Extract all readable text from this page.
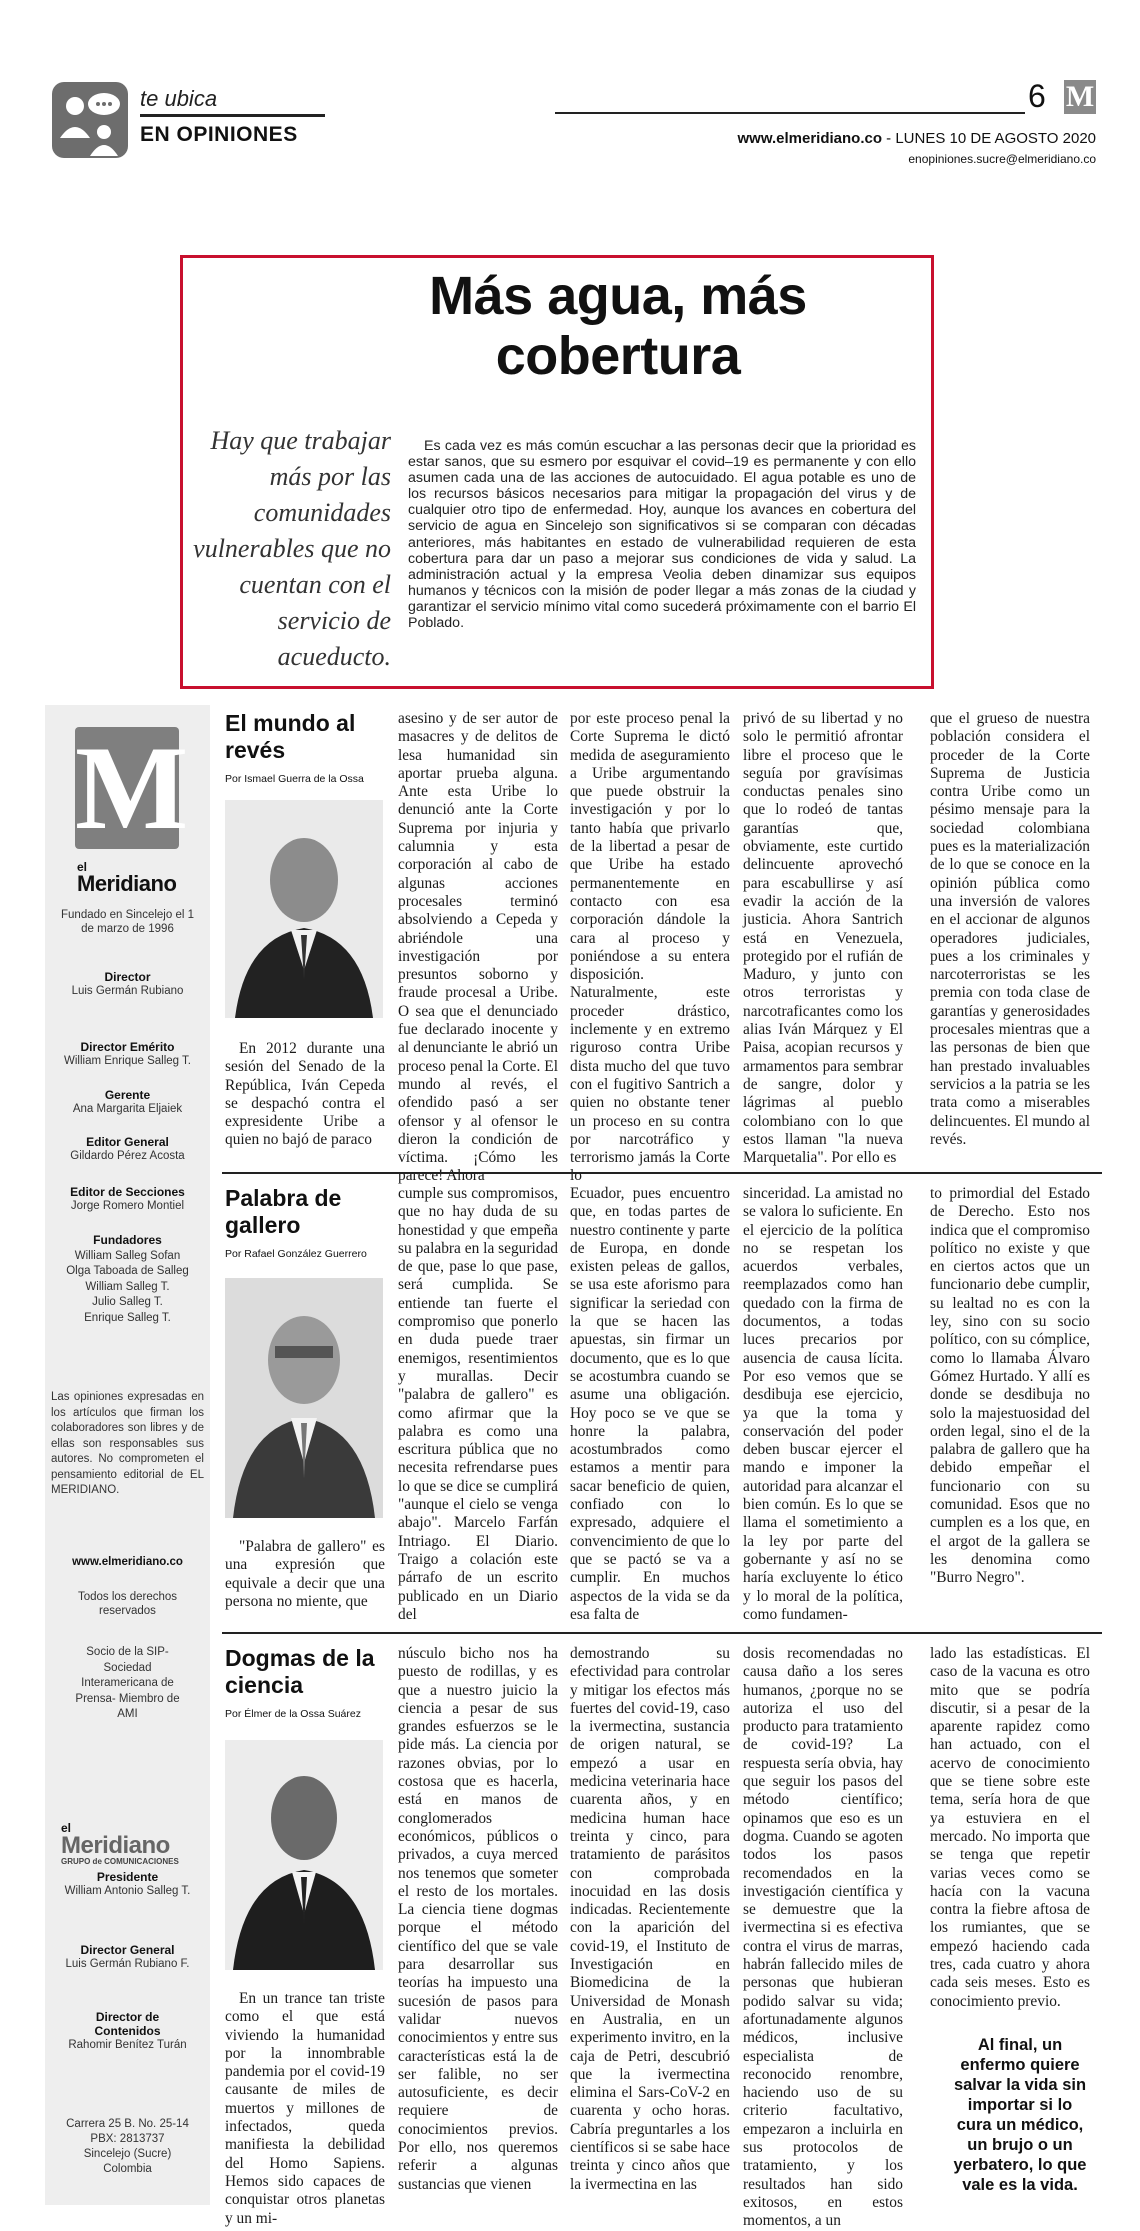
te ubica
EN OPINIONES
6 M
www.elmeridiano.co - LUNES 10 DE AGOSTO 2020
enopiniones.sucre@elmeridiano.co
Más agua, más
cobertura
Hay que trabajar más por las comunidades vulnerables que no cuentan con el servicio de acueducto.
Es cada vez es más común escuchar a las personas decir que la prioridad es estar sanos, que su esmero por esquivar el covid–19 es permanente y con ello asumen cada una de las acciones de autocuidado. El agua potable es uno de los recursos básicos necesarios para mitigar la propagación del virus y de cualquier otro tipo de enfermedad. Hoy, aunque los avances en cobertura del servicio de agua en Sincelejo son significativos si se comparan con décadas anteriores, más habitantes en estado de vulnerabilidad requieren de esta cobertura para dar un paso a mejorar sus condiciones de vida y salud. La administración actual y la empresa Veolia deben dinamizar sus equipos humanos y técnicos con la misión de poder llegar a más zonas de la ciudad y garantizar el servicio mínimo vital como sucederá próximamente con el barrio El Poblado.
M
el
Meridiano
Fundado en Sincelejo el 1 de marzo de 1996
Director
Luis Germán Rubiano
Director Emérito
William Enrique Salleg T.
Gerente
Ana Margarita Eljaiek
Editor General
Gildardo Pérez Acosta
Editor de Secciones
Jorge Romero Montiel
Fundadores
William Salleg Sofan
Olga Taboada de Salleg
William Salleg T.
Julio Salleg T.
Enrique Salleg T.
Las opiniones expresadas en los artículos que firman los colaboradores son libres y de ellas son responsables sus autores. No comprometen el pensamiento editorial de EL MERIDIANO.
www.elmeridiano.co
Todos los derechos reservados
Socio de la SIP- Sociedad Interamericana de Prensa- Miembro de AMI
el
Meridiano
GRUPO de COMUNICACIONES
Presidente
William Antonio Salleg T.
Director General
Luis Germán Rubiano F.
Director de Contenidos
Rahomir Benítez Turán
Carrera 25 B. No. 25-14
PBX: 2813737
Sincelejo (Sucre)
Colombia
El mundo al revés
Por Ismael Guerra de la Ossa

En 2012 durante una sesión del Senado de la República, Iván Cepeda se despachó contra el expresidente Uribe a quien no bajó de paraco

asesino y de ser autor de masacres y de delitos de lesa humanidad sin aportar prueba alguna. Ante esta Uribe lo denunció ante la Corte Suprema por injuria y calumnia y esta corporación al cabo de algunas acciones procesales terminó absolviendo a Cepeda y abriéndole una investigación por presuntos soborno y fraude procesal a Uribe. O sea que el denunciado fue declarado inocente y al denunciante le abrió un proceso penal la Corte. El mundo al revés, el ofendido pasó a ser ofensor y al ofensor le dieron la condición de víctima. ¡Cómo les parece! Ahora

por este proceso penal la Corte Suprema le dictó medida de aseguramiento a Uribe argumentando que puede obstruir la investigación y por lo tanto había que privarlo de la libertad a pesar de que Uribe ha estado permanentemente en contacto con esa corporación dándole la cara al proceso y poniéndose a su entera disposición. Naturalmente, este proceder drástico, inclemente y en extremo riguroso contra Uribe dista mucho del que tuvo con el fugitivo Santrich a quien no obstante tener un proceso en su contra por narcotráfico y terrorismo jamás la Corte lo

privó de su libertad y no solo le permitió afrontar libre el proceso que le seguía por gravísimas conductas penales sino que lo rodeó de tantas garantías que, obviamente, este curtido delincuente aprovechó para escabullirse y así evadir la acción de la justicia. Ahora Santrich está en Venezuela, protegido por el rufián de Maduro, y junto con otros terroristas y narcotraficantes como los alias Iván Márquez y El Paisa, acopian recursos y armamentos para sembrar de sangre, dolor y lágrimas al pueblo colombiano con lo que estos llaman "la nueva Marquetalia". Por ello es

que el grueso de nuestra población considera el proceder de la Corte Suprema de Justicia contra Uribe como un pésimo mensaje para la sociedad colombiana pues es la materialización de lo que se conoce en la opinión pública como una inversión de valores en el accionar de algunos operadores judiciales, pues a los criminales y narcoterroristas se les premia con toda clase de garantías y generosidades procesales mientras que a las personas de bien que han prestado invaluables servicios a la patria se les trata como a miserables delincuentes. El mundo al revés.

Palabra de gallero
Por Rafael González Guerrero

"Palabra de gallero" es una expresión que equivale a decir que una persona no miente, que

cumple sus compromisos, que no hay duda de su honestidad y que empeña su palabra en la seguridad de que, pase lo que pase, será cumplida. Se entiende tan fuerte el compromiso que ponerlo en duda puede traer enemigos, resentimientos y murallas. Decir "palabra de gallero" es como afirmar que la palabra es como una escritura pública que no necesita refrendarse pues lo que se dice se cumplirá "aunque el cielo se venga abajo". Marcelo Farfán Intriago. El Diario. Traigo a colación este párrafo de un escrito publicado en un Diario del

Ecuador, pues encuentro que, en todas partes de nuestro continente y parte de Europa, en donde existen peleas de gallos, se usa este aforismo para significar la seriedad con la que se hacen las apuestas, sin firmar un documento, que es lo que se acostumbra cuando se asume una obligación. Hoy poco se ve que se honre la palabra, acostumbrados como estamos a mentir para sacar beneficio de quien, confiado con lo expresado, adquiere el convencimiento de que lo que se pactó se va a cumplir. En muchos aspectos de la vida se da esa falta de

sinceridad. La amistad no se valora lo suficiente. En el ejercicio de la política no se respetan los acuerdos verbales, reemplazados como han quedado con la firma de documentos, a todas luces precarios por ausencia de causa lícita. Por eso vemos que se desdibuja ese ejercicio, ya que la toma y conservación del poder deben buscar ejercer el mando e imponer la autoridad para alcanzar el bien común. Es lo que se llama el sometimiento a la ley por parte del gobernante y así no se haría excluyente lo ético y lo moral de la política, como fundamen-

to primordial del Estado de Derecho. Esto nos indica que el compromiso político no existe y que en ciertos actos que un funcionario debe cumplir, su lealtad no es con la ley, sino con su socio político, con su cómplice, como lo llamaba Álvaro Gómez Hurtado. Y allí es donde se desdibuja no solo la majestuosidad del orden legal, sino el de la palabra de gallero que ha debido empeñar el funcionario con su comunidad. Esos que no cumplen es a los que, en el argot de la gallera se les denomina como "Burro Negro".

Dogmas de la ciencia
Por Élmer de la Ossa Suárez

En un trance tan triste como el que está viviendo la humanidad por la innombrable pandemia por el covid-19 causante de miles de muertos y millones de infectados, queda manifiesta la debilidad del Homo Sapiens. Hemos sido capaces de conquistar otros planetas y un mi-

núsculo bicho nos ha puesto de rodillas, y es que a nuestro juicio la ciencia a pesar de sus grandes esfuerzos se le pide más. La ciencia por razones obvias, por lo costosa que es hacerla, está en manos de conglomerados económicos, públicos o privados, a cuya merced nos tenemos que someter el resto de los mortales. La ciencia tiene dogmas porque el método científico del que se vale para desarrollar sus teorías ha impuesto una sucesión de pasos para validar nuevos conocimientos y entre sus características está la de ser falible, no ser autosuficiente, es decir requiere de conocimientos previos. Por ello, nos queremos referir a algunas sustancias que vienen

demostrando su efectividad para controlar y mitigar los efectos más fuertes del covid-19, caso la ivermectina, sustancia de origen natural, se empezó a usar en medicina veterinaria hace cuarenta años, y en medicina human hace treinta y cinco, para tratamiento de parásitos con comprobada inocuidad en las dosis indicadas. Recientemente con la aparición del covid-19, el Instituto de Investigación en Biomedicina de la Universidad de Monash en Australia, en un experimento invitro, en la caja de Petri, descubrió que la ivermectina elimina el Sars-CoV-2 en cuarenta y ocho horas. Cabría preguntarles a los científicos si se sabe hace treinta y cinco años que la ivermectina en las

dosis recomendadas no causa daño a los seres humanos, ¿porque no se autoriza el uso del producto para tratamiento de covid-19? La respuesta sería obvia, hay que seguir los pasos del método científico; opinamos que eso es un dogma. Cuando se agoten todos los pasos recomendados en la investigación científica y se demuestre que la ivermectina si es efectiva contra el virus de marras, habrán fallecido miles de personas que hubieran podido salvar su vida; afortunadamente algunos médicos, inclusive especialista de reconocido renombre, haciendo uso de su criterio facultativo, empezaron a incluirla en sus protocolos de tratamiento, y los resultados han sido exitosos, en estos momentos, a un

lado las estadísticas. El caso de la vacuna es otro mito que se podría discutir, si a pesar de la aparente rapidez como han actuado, con el acervo de conocimiento que se tiene sobre este tema, sería hora de que ya estuviera en el mercado. No importa que se tenga que repetir varias veces como se hacía con la vacuna contra la fiebre aftosa de los rumiantes, que se empezó haciendo cada tres, cada cuatro y ahora cada seis meses. Esto es conocimiento previo.

Al final, un enfermo quiere salvar la vida sin importar si lo cura un médico, un brujo o un yerbatero, lo que vale es la vida.
